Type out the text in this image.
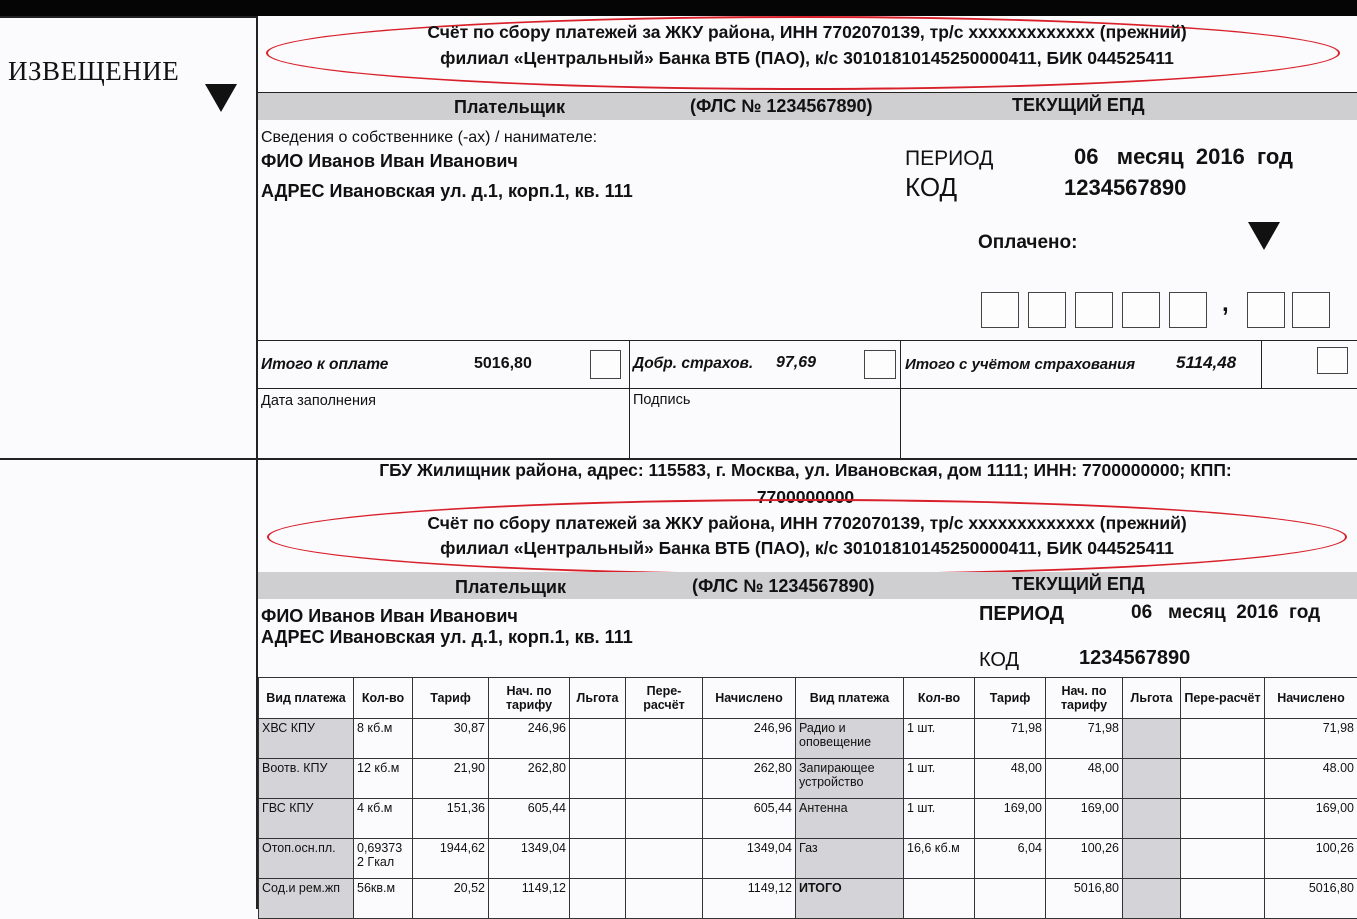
ИЗВЕЩЕНИЕ
Счёт по сбору платежей за ЖКУ района, ИНН 7702070139, тр/с ххххххххххххх (прежний)
филиал «Центральный» Банка ВТБ (ПАО), к/с 30101810145250000411, БИК 044525411
Плательщик	(ФЛС № 1234567890)	ТЕКУЩИЙ ЕПД
Сведения о собственнике (-ах) / нанимателе:
ФИО Иванов Иван Иванович
АДРЕС Ивановская ул. д.1, корп.1, кв. 111
ПЕРИОД	06   месяц  2016  год
КОД	1234567890
Оплачено:
,
Итого к оплате	5016,80	Добр. страхов. 97,69	Итого с учётом страхования 5114,48
Дата заполнения	Подпись
ГБУ Жилищник района, адрес: 115583, г. Москва, ул. Ивановская, дом 1111; ИНН: 7700000000; КПП:
7700000000
Счёт по сбору платежей за ЖКУ района, ИНН 7702070139, тр/с ххххххххххххх (прежний)
филиал «Центральный» Банка ВТБ (ПАО), к/с 30101810145250000411, БИК 044525411
Плательщик	(ФЛС № 1234567890)	ТЕКУЩИЙ ЕПД
ФИО Иванов Иван Иванович
АДРЕС Ивановская ул. д.1, корп.1, кв. 111
ПЕРИОД	06   месяц  2016  год
КОД	1234567890
Вид платежа	Кол-во	Тариф	Нач. по тарифу	Льгота	Пере-расчёт	Начислено	Вид платежа	Кол-во	Тариф	Нач. по тарифу	Льгота	Пере-расчёт	Начислено
ХВС КПУ	8 кб.м	30,87	246,96			246,96	Радио и оповещение	1 шт.	71,98	71,98			71,98
Воотв. КПУ	12 кб.м	21,90	262,80			262,80	Запирающее устройство	1 шт.	48,00	48,00			48.00
ГВС КПУ	4 кб.м	151,36	605,44			605,44	Антенна	1 шт.	169,00	169,00			169,00
Отоп.осн.пл.	0,69373 2 Гкал	1944,62	1349,04			1349,04	Газ	16,6 кб.м	6,04	100,26			100,26
Сод.и рем.жп	56кв.м	20,52	1149,12			1149,12	ИТОГО			5016,80			5016,80
